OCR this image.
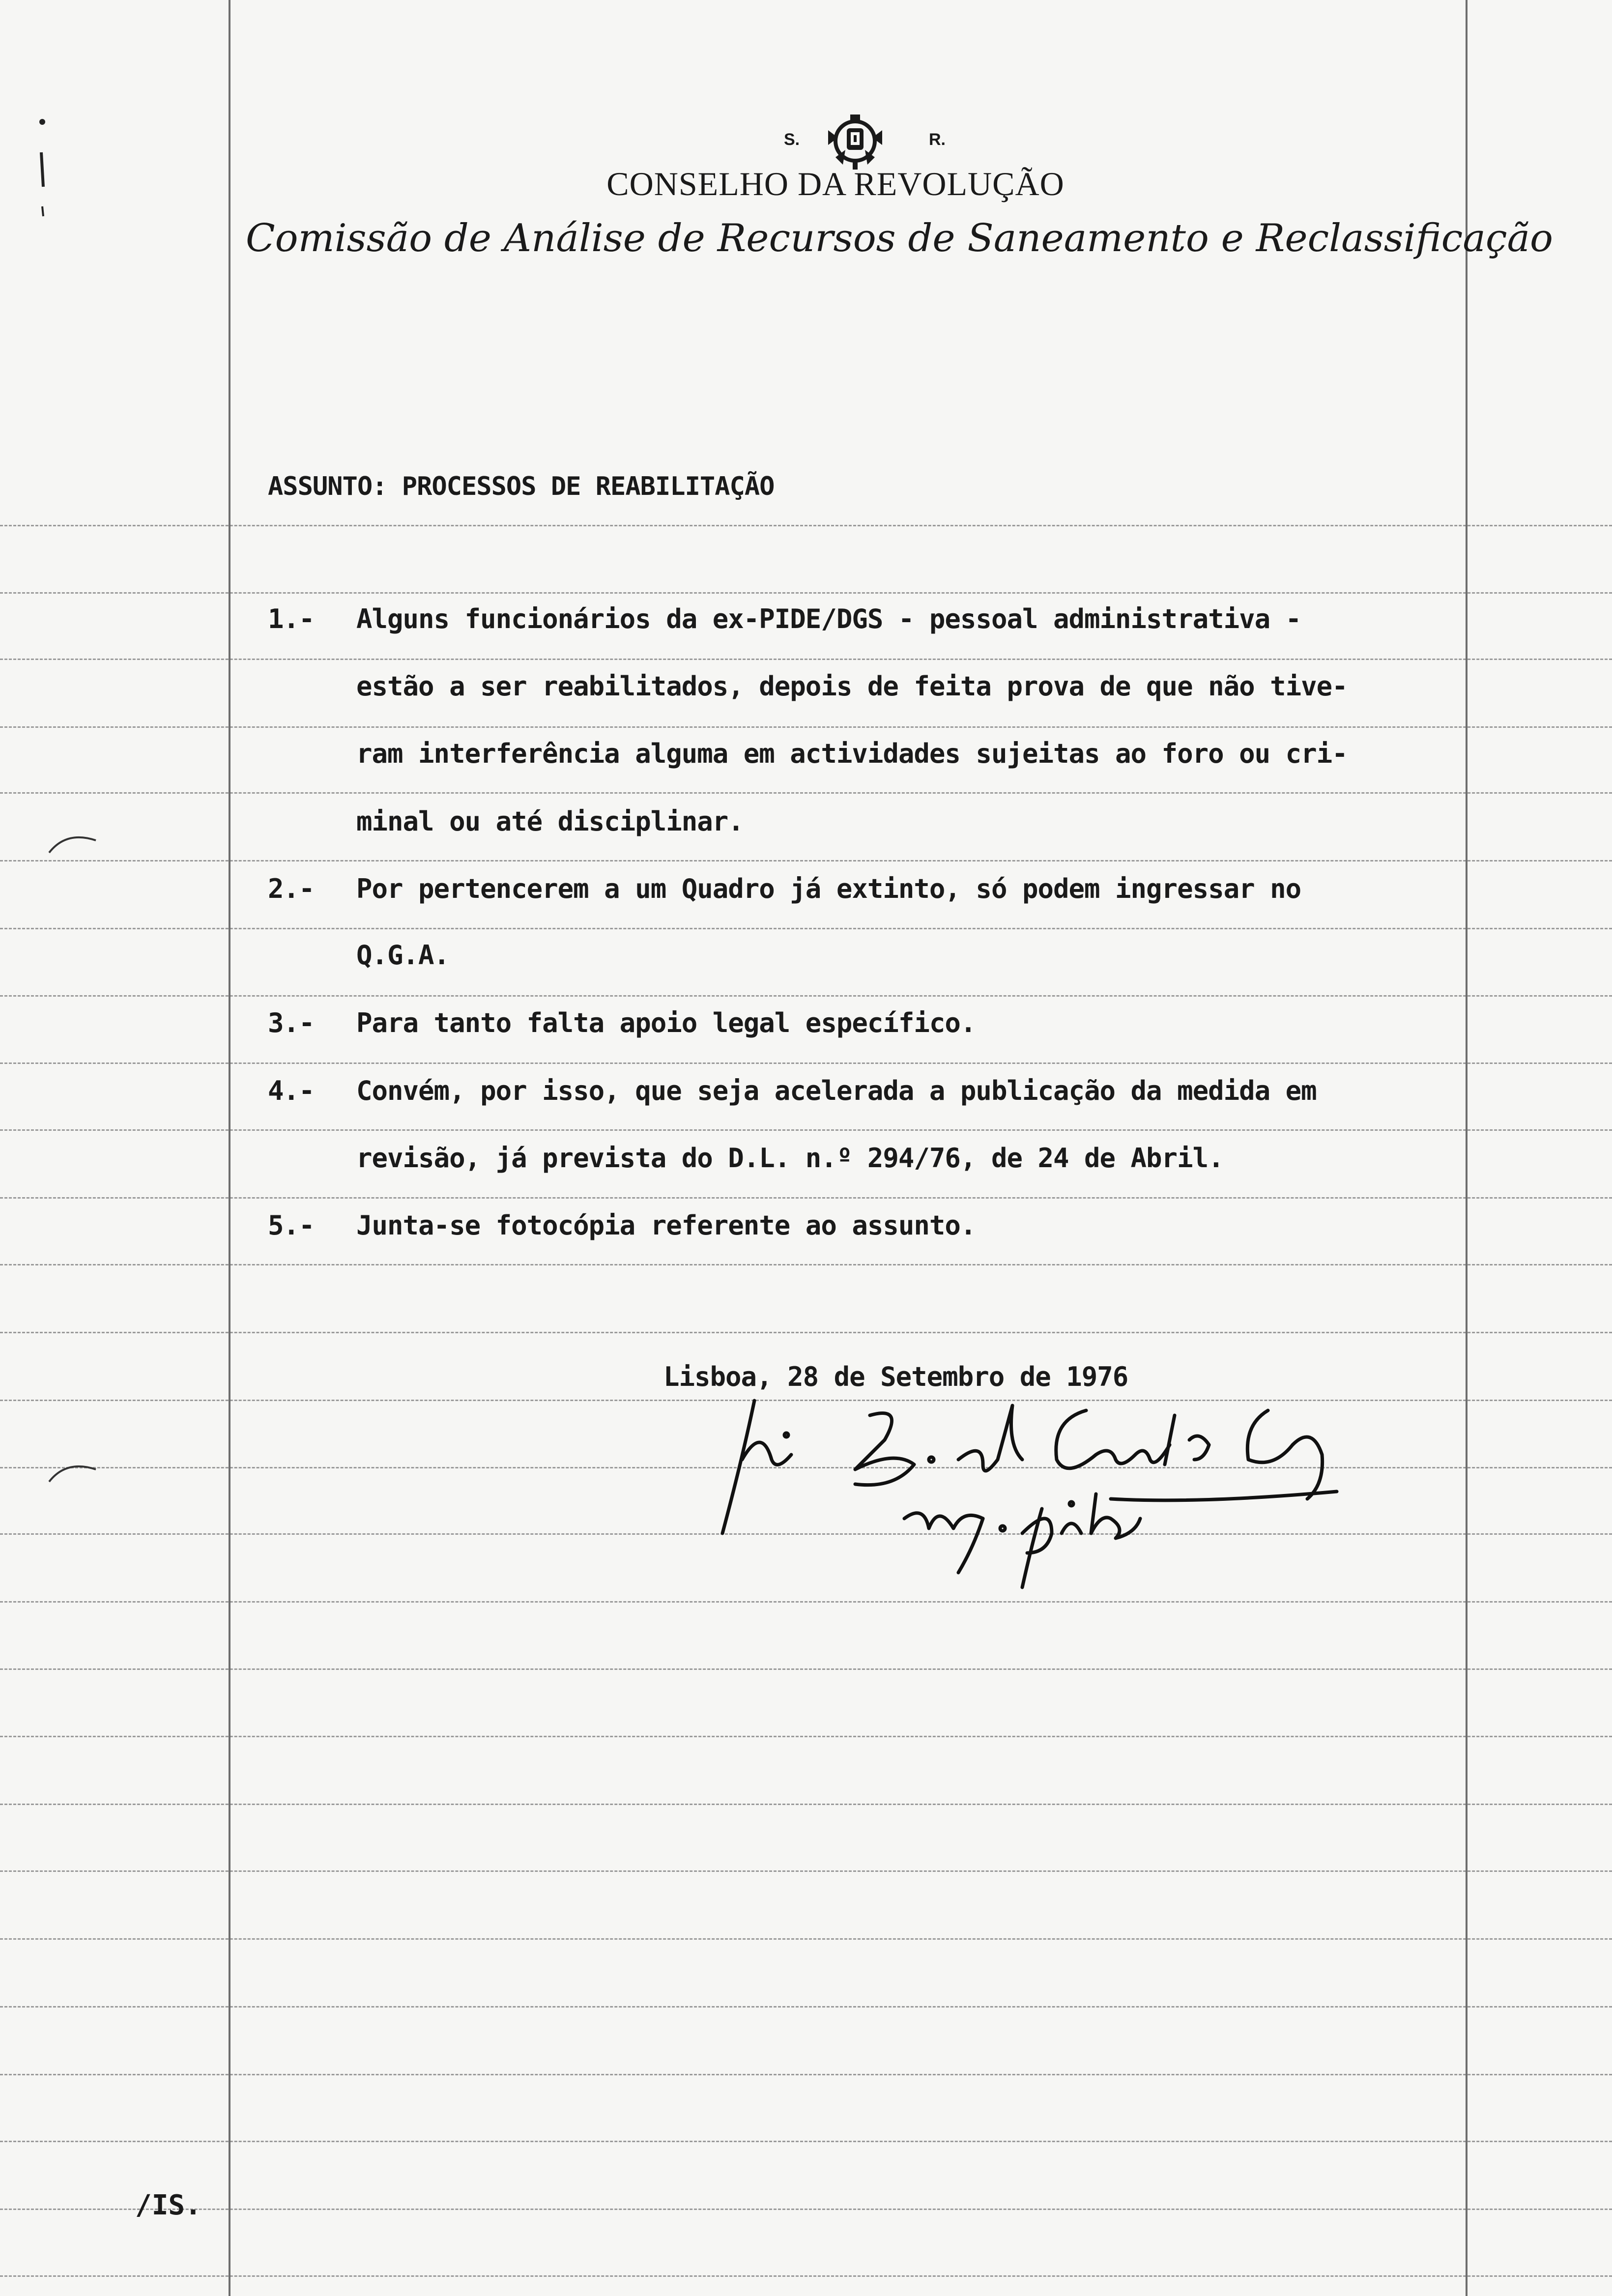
S.	R.
CONSELHO DA REVOLUÇÃO
Comissão de Análise de Recursos de Saneamento e Reclassificação
ASSUNTO: PROCESSOS DE REABILITAÇÃO
1.- Alguns funcionários da ex-PIDE/DGS - pessoal administrativa -
estão a ser reabilitados, depois de feita prova de que não tive-
ram interferência alguma em actividades sujeitas ao foro ou cri-
minal ou até disciplinar.
2.- Por pertencerem a um Quadro já extinto, só podem ingressar no
Q.G.A.
3.- Para tanto falta apoio legal específico.
4.- Convém, por isso, que seja acelerada a publicação da medida em
revisão, já prevista do D.L. n.º 294/76, de 24 de Abril.
5.- Junta-se fotocópia referente ao assunto.
Lisboa, 28 de Setembro de 1976
/IS.
